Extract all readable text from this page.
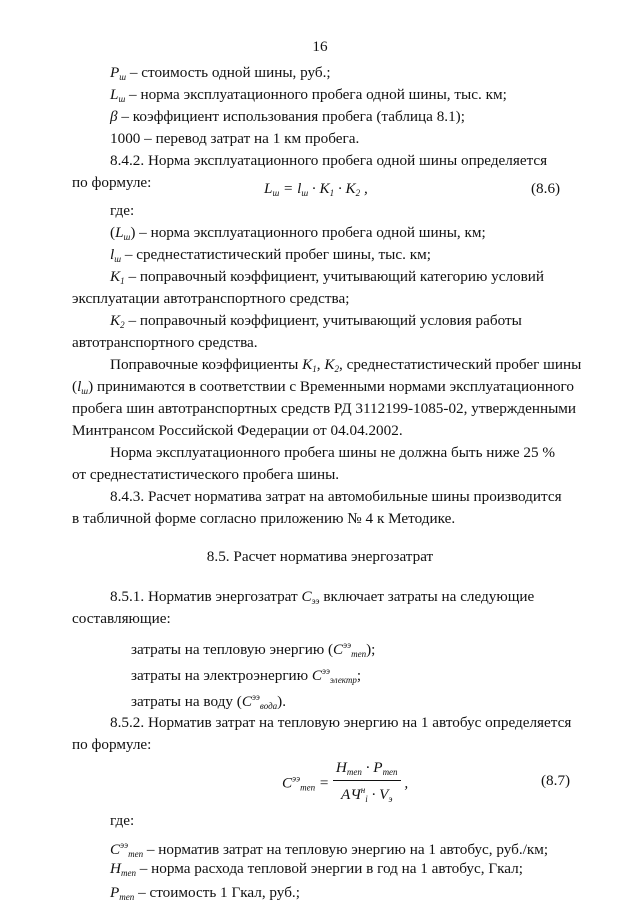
16
$P_ш$ – стоимость одной шины, руб.;
$L_ш$ – норма эксплуатационного пробега одной шины, тыс. км;
β – коэффициент использования пробега (таблица 8.1);
1000 – перевод затрат на 1 км пробега.
8.4.2. Норма эксплуатационного пробега одной шины определяется
по формуле:	$L_ш = l_ш \cdot K_1 \cdot K_2$ ,	(8.6)
где:
$(L_ш)$ – норма эксплуатационного пробега одной шины, км;
$l_ш$ – среднестатистический пробег шины, тыс. км;
$K_1$ – поправочный коэффициент, учитывающий категорию условий
эксплуатации автотранспортного средства;
$K_2$ – поправочный коэффициент, учитывающий условия работы
автотранспортного средства.
Поправочные коэффициенты $K_1$, $K_2$, среднестатистический пробег шины
$(l_ш)$ принимаются в соответствии с Временными нормами эксплуатационного
пробега шин автотранспортных средств РД 3112199-1085-02, утвержденными
Минтрансом Российской Федерации от 04.04.2002.
Норма эксплуатационного пробега шины не должна быть ниже 25 %
от среднестатистического пробега шины.
8.4.3. Расчет норматива затрат на автомобильные шины производится
в табличной форме согласно приложению № 4 к Методике.
8.5. Расчет норматива энергозатрат
8.5.1. Норматив энергозатрат $C_{ээ}$ включает затраты на следующие
составляющие:
затраты на тепловую энергию $(C^{ээ}_{теп})$;
затраты на электроэнергию $C^{ээ}_{электр}$;
затраты на воду $(C^{ээ}_{вода})$.
8.5.2. Норматив затрат на тепловую энергию на 1 автобус определяется
по формуле:
$C^{ээ}_{теп} = \frac{H_{теп} \cdot P_{теп}}{AЧ^н_i \cdot V_э}$ ,	(8.7)
где:
$C^{ээ}_{теп}$ – норматив затрат на тепловую энергию на 1 автобус, руб./км;
$H_{теп}$ – норма расхода тепловой энергии в год на 1 автобус, Гкал;
$P_{теп}$ – стоимость 1 Гкал, руб.;
